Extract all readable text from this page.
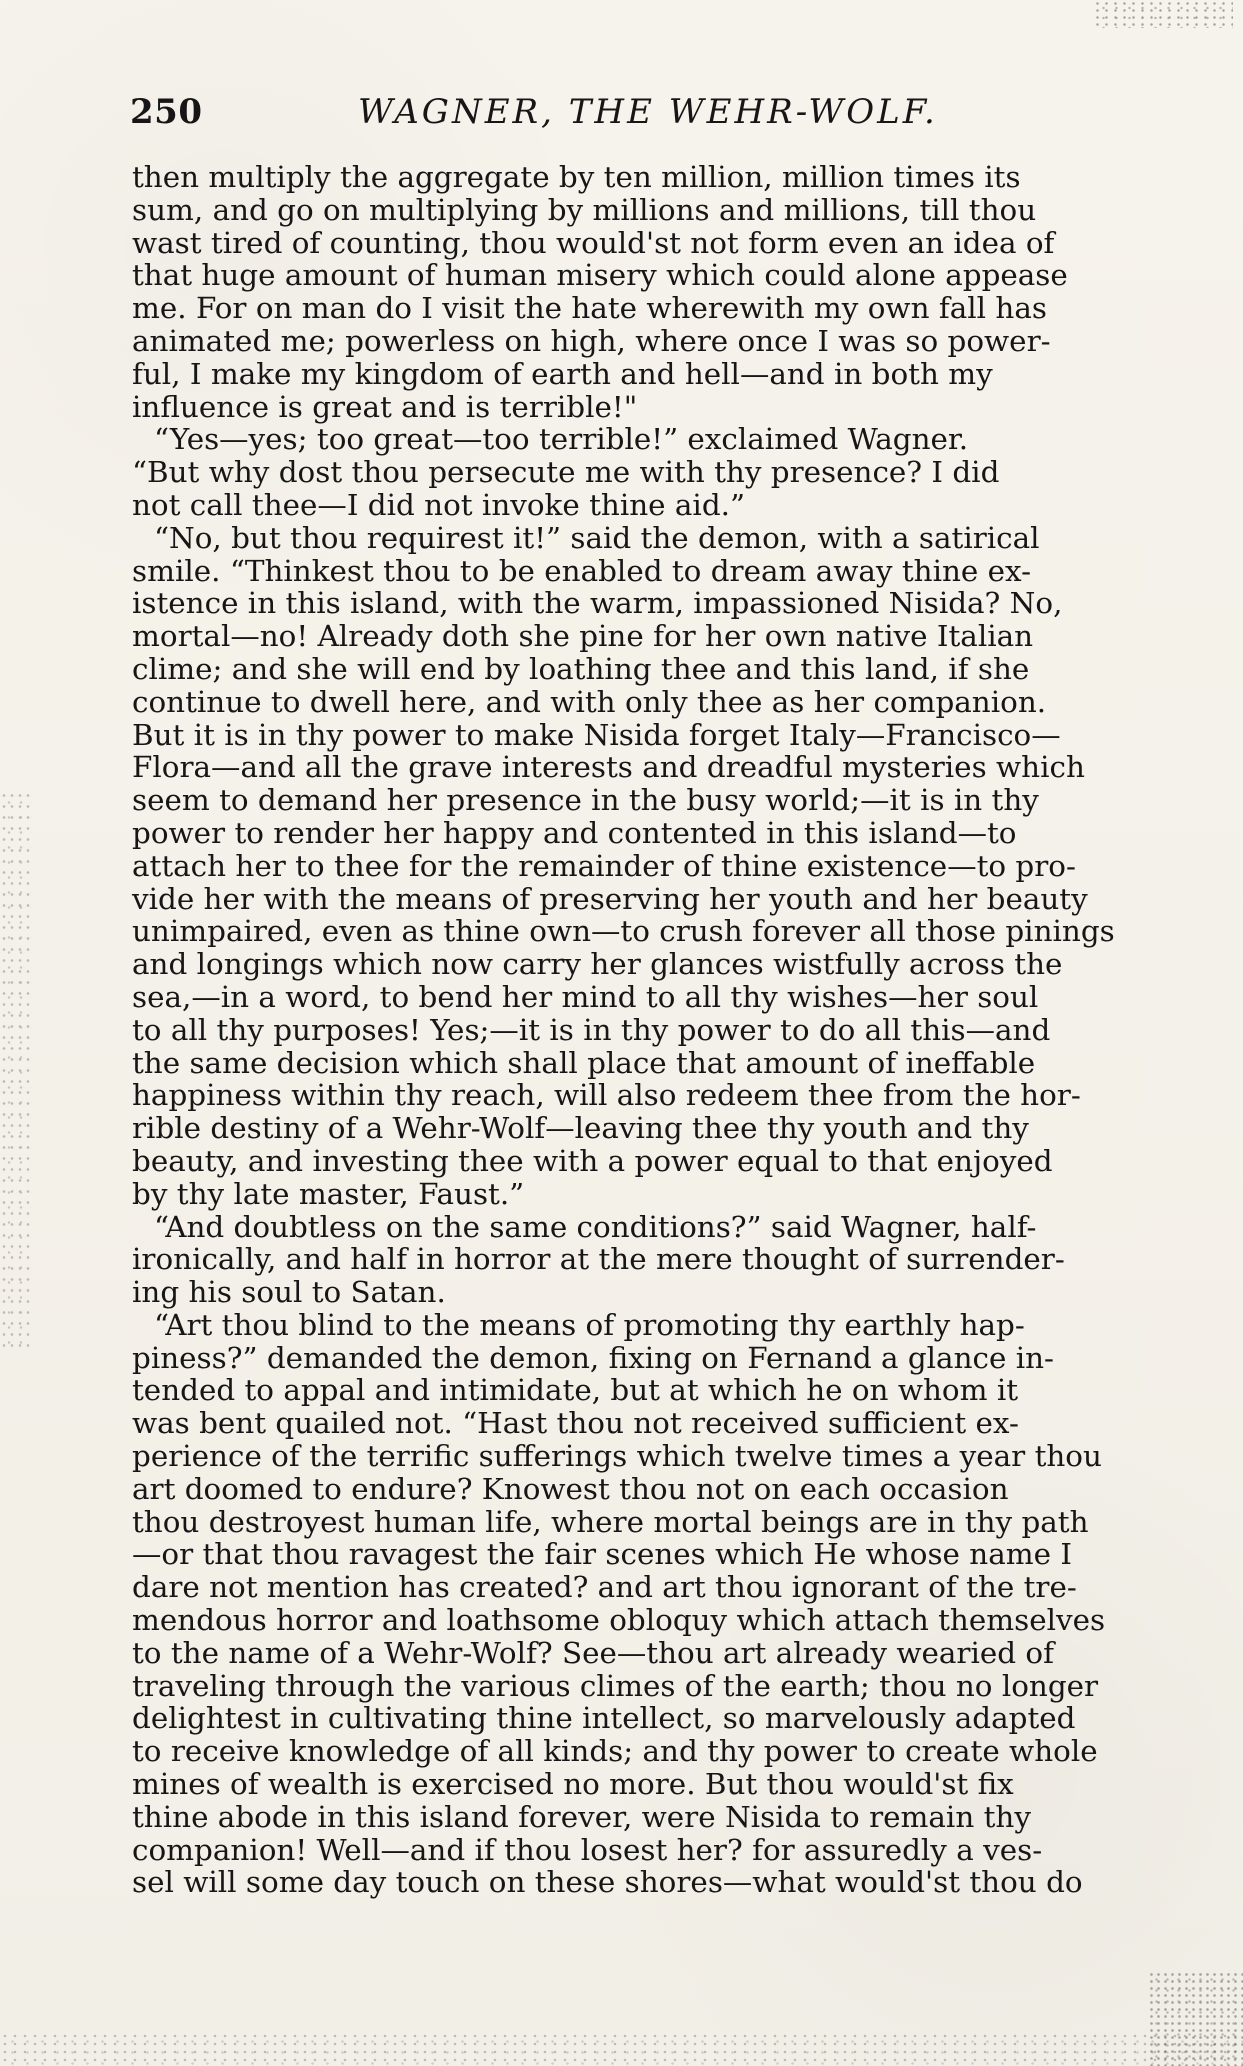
250	WAGNER, THE WEHR-WOLF.
then multiply the aggregate by ten million, million times its
sum, and go on multiplying by millions and millions, till thou
wast tired of counting, thou would'st not form even an idea of
that huge amount of human misery which could alone appease
me. For on man do I visit the hate wherewith my own fall has
animated me; powerless on high, where once I was so power-
ful, I make my kingdom of earth and hell—and in both my
influence is great and is terrible!"
“Yes—yes; too great—too terrible!” exclaimed Wagner.
“But why dost thou persecute me with thy presence? I did
not call thee—I did not invoke thine aid.”
“No, but thou requirest it!” said the demon, with a satirical
smile. “Thinkest thou to be enabled to dream away thine ex-
istence in this island, with the warm, impassioned Nisida? No,
mortal—no! Already doth she pine for her own native Italian
clime; and she will end by loathing thee and this land, if she
continue to dwell here, and with only thee as her companion.
But it is in thy power to make Nisida forget Italy—Francisco—
Flora—and all the grave interests and dreadful mysteries which
seem to demand her presence in the busy world;—it is in thy
power to render her happy and contented in this island—to
attach her to thee for the remainder of thine existence—to pro-
vide her with the means of preserving her youth and her beauty
unimpaired, even as thine own—to crush forever all those pinings
and longings which now carry her glances wistfully across the
sea,—in a word, to bend her mind to all thy wishes—her soul
to all thy purposes! Yes;—it is in thy power to do all this—and
the same decision which shall place that amount of ineffable
happiness within thy reach, will also redeem thee from the hor-
rible destiny of a Wehr-Wolf—leaving thee thy youth and thy
beauty, and investing thee with a power equal to that enjoyed
by thy late master, Faust.”
“And doubtless on the same conditions?” said Wagner, half-
ironically, and half in horror at the mere thought of surrender-
ing his soul to Satan.
“Art thou blind to the means of promoting thy earthly hap-
piness?” demanded the demon, fixing on Fernand a glance in-
tended to appal and intimidate, but at which he on whom it
was bent quailed not. “Hast thou not received sufficient ex-
perience of the terrific sufferings which twelve times a year thou
art doomed to endure? Knowest thou not on each occasion
thou destroyest human life, where mortal beings are in thy path
—or that thou ravagest the fair scenes which He whose name I
dare not mention has created? and art thou ignorant of the tre-
mendous horror and loathsome obloquy which attach themselves
to the name of a Wehr-Wolf? See—thou art already wearied of
traveling through the various climes of the earth; thou no longer
delightest in cultivating thine intellect, so marvelously adapted
to receive knowledge of all kinds; and thy power to create whole
mines of wealth is exercised no more. But thou would'st fix
thine abode in this island forever, were Nisida to remain thy
companion! Well—and if thou losest her? for assuredly a ves-
sel will some day touch on these shores—what would'st thou do
